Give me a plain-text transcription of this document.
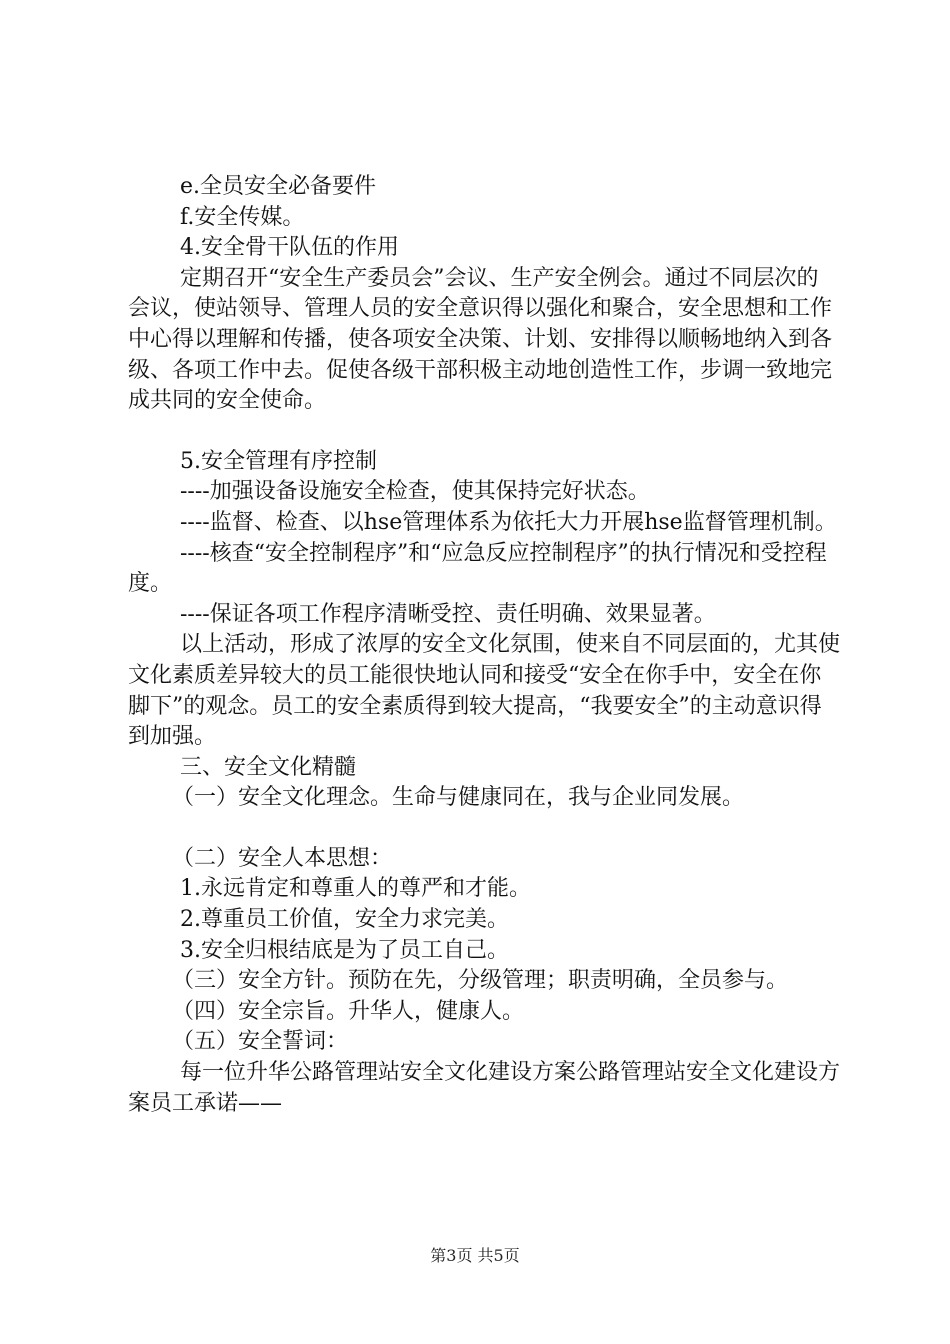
e.全员安全必备要件

f.安全传媒。

4.安全骨干队伍的作用

定期召开“安全生产委员会”会议、生产安全例会。通过不同层次的会议，使站领导、管理人员的安全意识得以强化和聚合，安全思想和工作中心得以理解和传播，使各项安全决策、计划、安排得以顺畅地纳入到各级、各项工作中去。促使各级干部积极主动地创造性工作，步调一致地完成共同的安全使命。

5.安全管理有序控制

----加强设备设施安全检查，使其保持完好状态。

----监督、检查、以hse管理体系为依托大力开展hse监督管理机制。

----核查“安全控制程序”和“应急反应控制程序”的执行情况和受控程度。

----保证各项工作程序清晰受控、责任明确、效果显著。

以上活动，形成了浓厚的安全文化氛围，使来自不同层面的，尤其使文化素质差异较大的员工能很快地认同和接受“安全在你手中，安全在你脚下”的观念。员工的安全素质得到较大提高，“我要安全”的主动意识得到加强。

三、安全文化精髓

（一）安全文化理念。生命与健康同在，我与企业同发展。

（二）安全人本思想：

1.永远肯定和尊重人的尊严和才能。

2.尊重员工价值，安全力求完美。

3.安全归根结底是为了员工自己。

（三）安全方针。预防在先，分级管理；职责明确，全员参与。

（四）安全宗旨。升华人，健康人。

（五）安全誓词：

每一位升华公路管理站安全文化建设方案公路管理站安全文化建设方案员工承诺——

第3页 共5页
